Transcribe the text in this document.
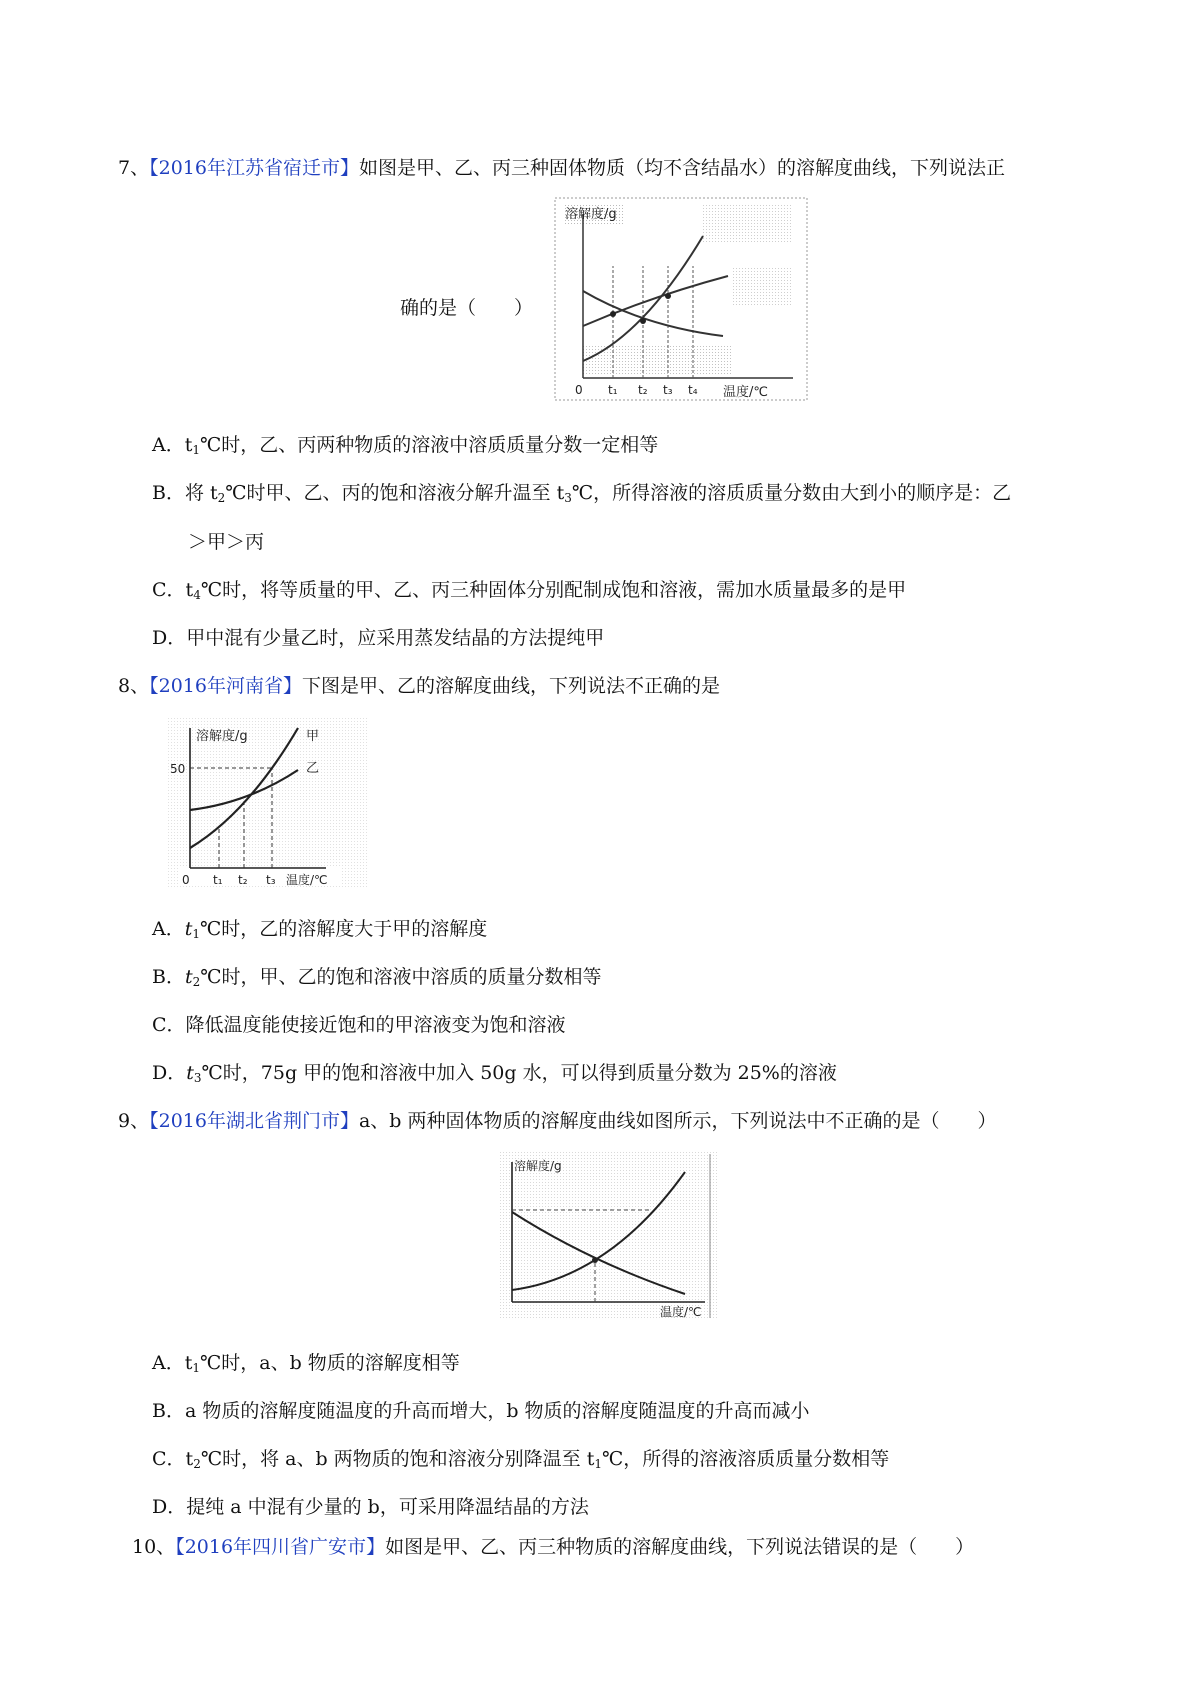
7、【2016年江苏省宿迁市】如图是甲、乙、丙三种固体物质（均不含结晶水）的溶解度曲线，下列说法正
溶解度/g
温度/℃
0 t₁ t₂ t₃ t₄
确的是（　　）
A．$t_1℃$时，乙、丙两种物质的溶液中溶质质量分数一定相等
B．将 $t_2℃$时甲、乙、丙的饱和溶液分解升温至 $t_3℃$，所得溶液的溶质质量分数由大到小的顺序是：乙
＞甲＞丙
C．$t_4℃$时，将等质量的甲、乙、丙三种固体分别配制成饱和溶液，需加水质量最多的是甲
D．甲中混有少量乙时，应采用蒸发结晶的方法提纯甲
8、【2016年河南省】下图是甲、乙的溶解度曲线，下列说法不正确的是
溶解度/g
50
甲
乙
0 t₁ t₂ t₃ 温度/℃
A．$t_1℃$时，乙的溶解度大于甲的溶解度
B．$t_2℃$时，甲、乙的饱和溶液中溶质的质量分数相等
C．降低温度能使接近饱和的甲溶液变为饱和溶液
D．$t_3℃$时，75g 甲的饱和溶液中加入 50g 水，可以得到质量分数为 25%的溶液
9、【2016年湖北省荆门市】a、b 两种固体物质的溶解度曲线如图所示，下列说法中不正确的是（　　）
溶解度/g
温度/℃
A．$t_1℃$时，a、b 物质的溶解度相等
B．a 物质的溶解度随温度的升高而增大，b 物质的溶解度随温度的升高而减小
C．$t_2℃$时，将 a、b 两物质的饱和溶液分别降温至 $t_1℃$，所得的溶液溶质质量分数相等
D．提纯 a 中混有少量的 b，可采用降温结晶的方法
10、【2016年四川省广安市】如图是甲、乙、丙三种物质的溶解度曲线，下列说法错误的是（　　）
